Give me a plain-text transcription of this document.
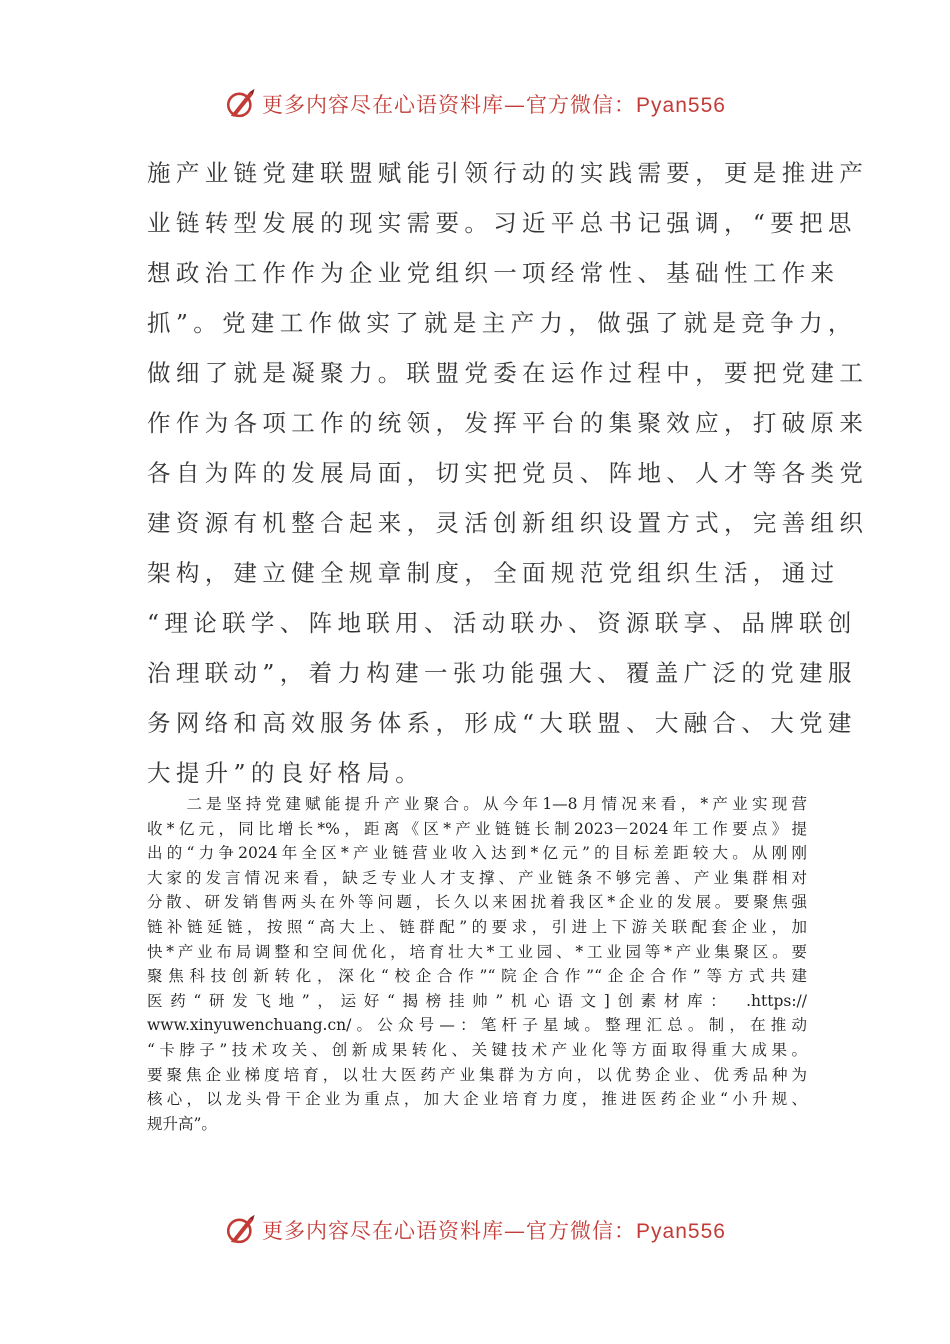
更多内容尽在心语资料库—官方微信：Pyan556
施产业链党建联盟赋能引领行动的实践需要，更是推进产
业链转型发展的现实需要。习近平总书记强调，“要把思
想政治工作作为企业党组织一项经常性、基础性工作来
抓”。党建工作做实了就是主产力，做强了就是竞争力，
做细了就是凝聚力。联盟党委在运作过程中，要把党建工
作作为各项工作的统领，发挥平台的集聚效应，打破原来
各自为阵的发展局面，切实把党员、阵地、人才等各类党
建资源有机整合起来，灵活创新组织设置方式，完善组织
架构，建立健全规章制度，全面规范党组织生活，通过
“理论联学、阵地联用、活动联办、资源联享、品牌联创
治理联动”，着力构建一张功能强大、覆盖广泛的党建服
务网络和高效服务体系，形成“大联盟、大融合、大党建
大提升”的良好格局。
　　二是坚持党建赋能提升产业聚合。从今年1—8月情况来看，*产业实现营
收*亿元，同比增长*%，距离《区*产业链链长制2023－2024年工作要点》提
出的“力争2024年全区*产业链营业收入达到*亿元”的目标差距较大。从刚刚
大家的发言情况来看，缺乏专业人才支撑、产业链条不够完善、产业集群相对
分散、研发销售两头在外等问题，长久以来困扰着我区*企业的发展。要聚焦强
链补链延链，按照“高大上、链群配”的要求，引进上下游关联配套企业，加
快*产业布局调整和空间优化，培育壮大*工业园、*工业园等*产业集聚区。要
聚焦科技创新转化，深化“校企合作”“院企合作”“企企合作”等方式共建
医药“研发飞地”，运好“揭榜挂帅”机心语文]创素材库： .https://
www.xinyuwenchuang.cn/。公众号—：笔杆子星域。整理汇总。制，在推动
“卡脖子”技术攻关、创新成果转化、关键技术产业化等方面取得重大成果。
要聚焦企业梯度培育，以壮大医药产业集群为方向，以优势企业、优秀品种为
核心，以龙头骨干企业为重点，加大企业培育力度，推进医药企业“小升规、
规升高”。
更多内容尽在心语资料库—官方微信：Pyan556
